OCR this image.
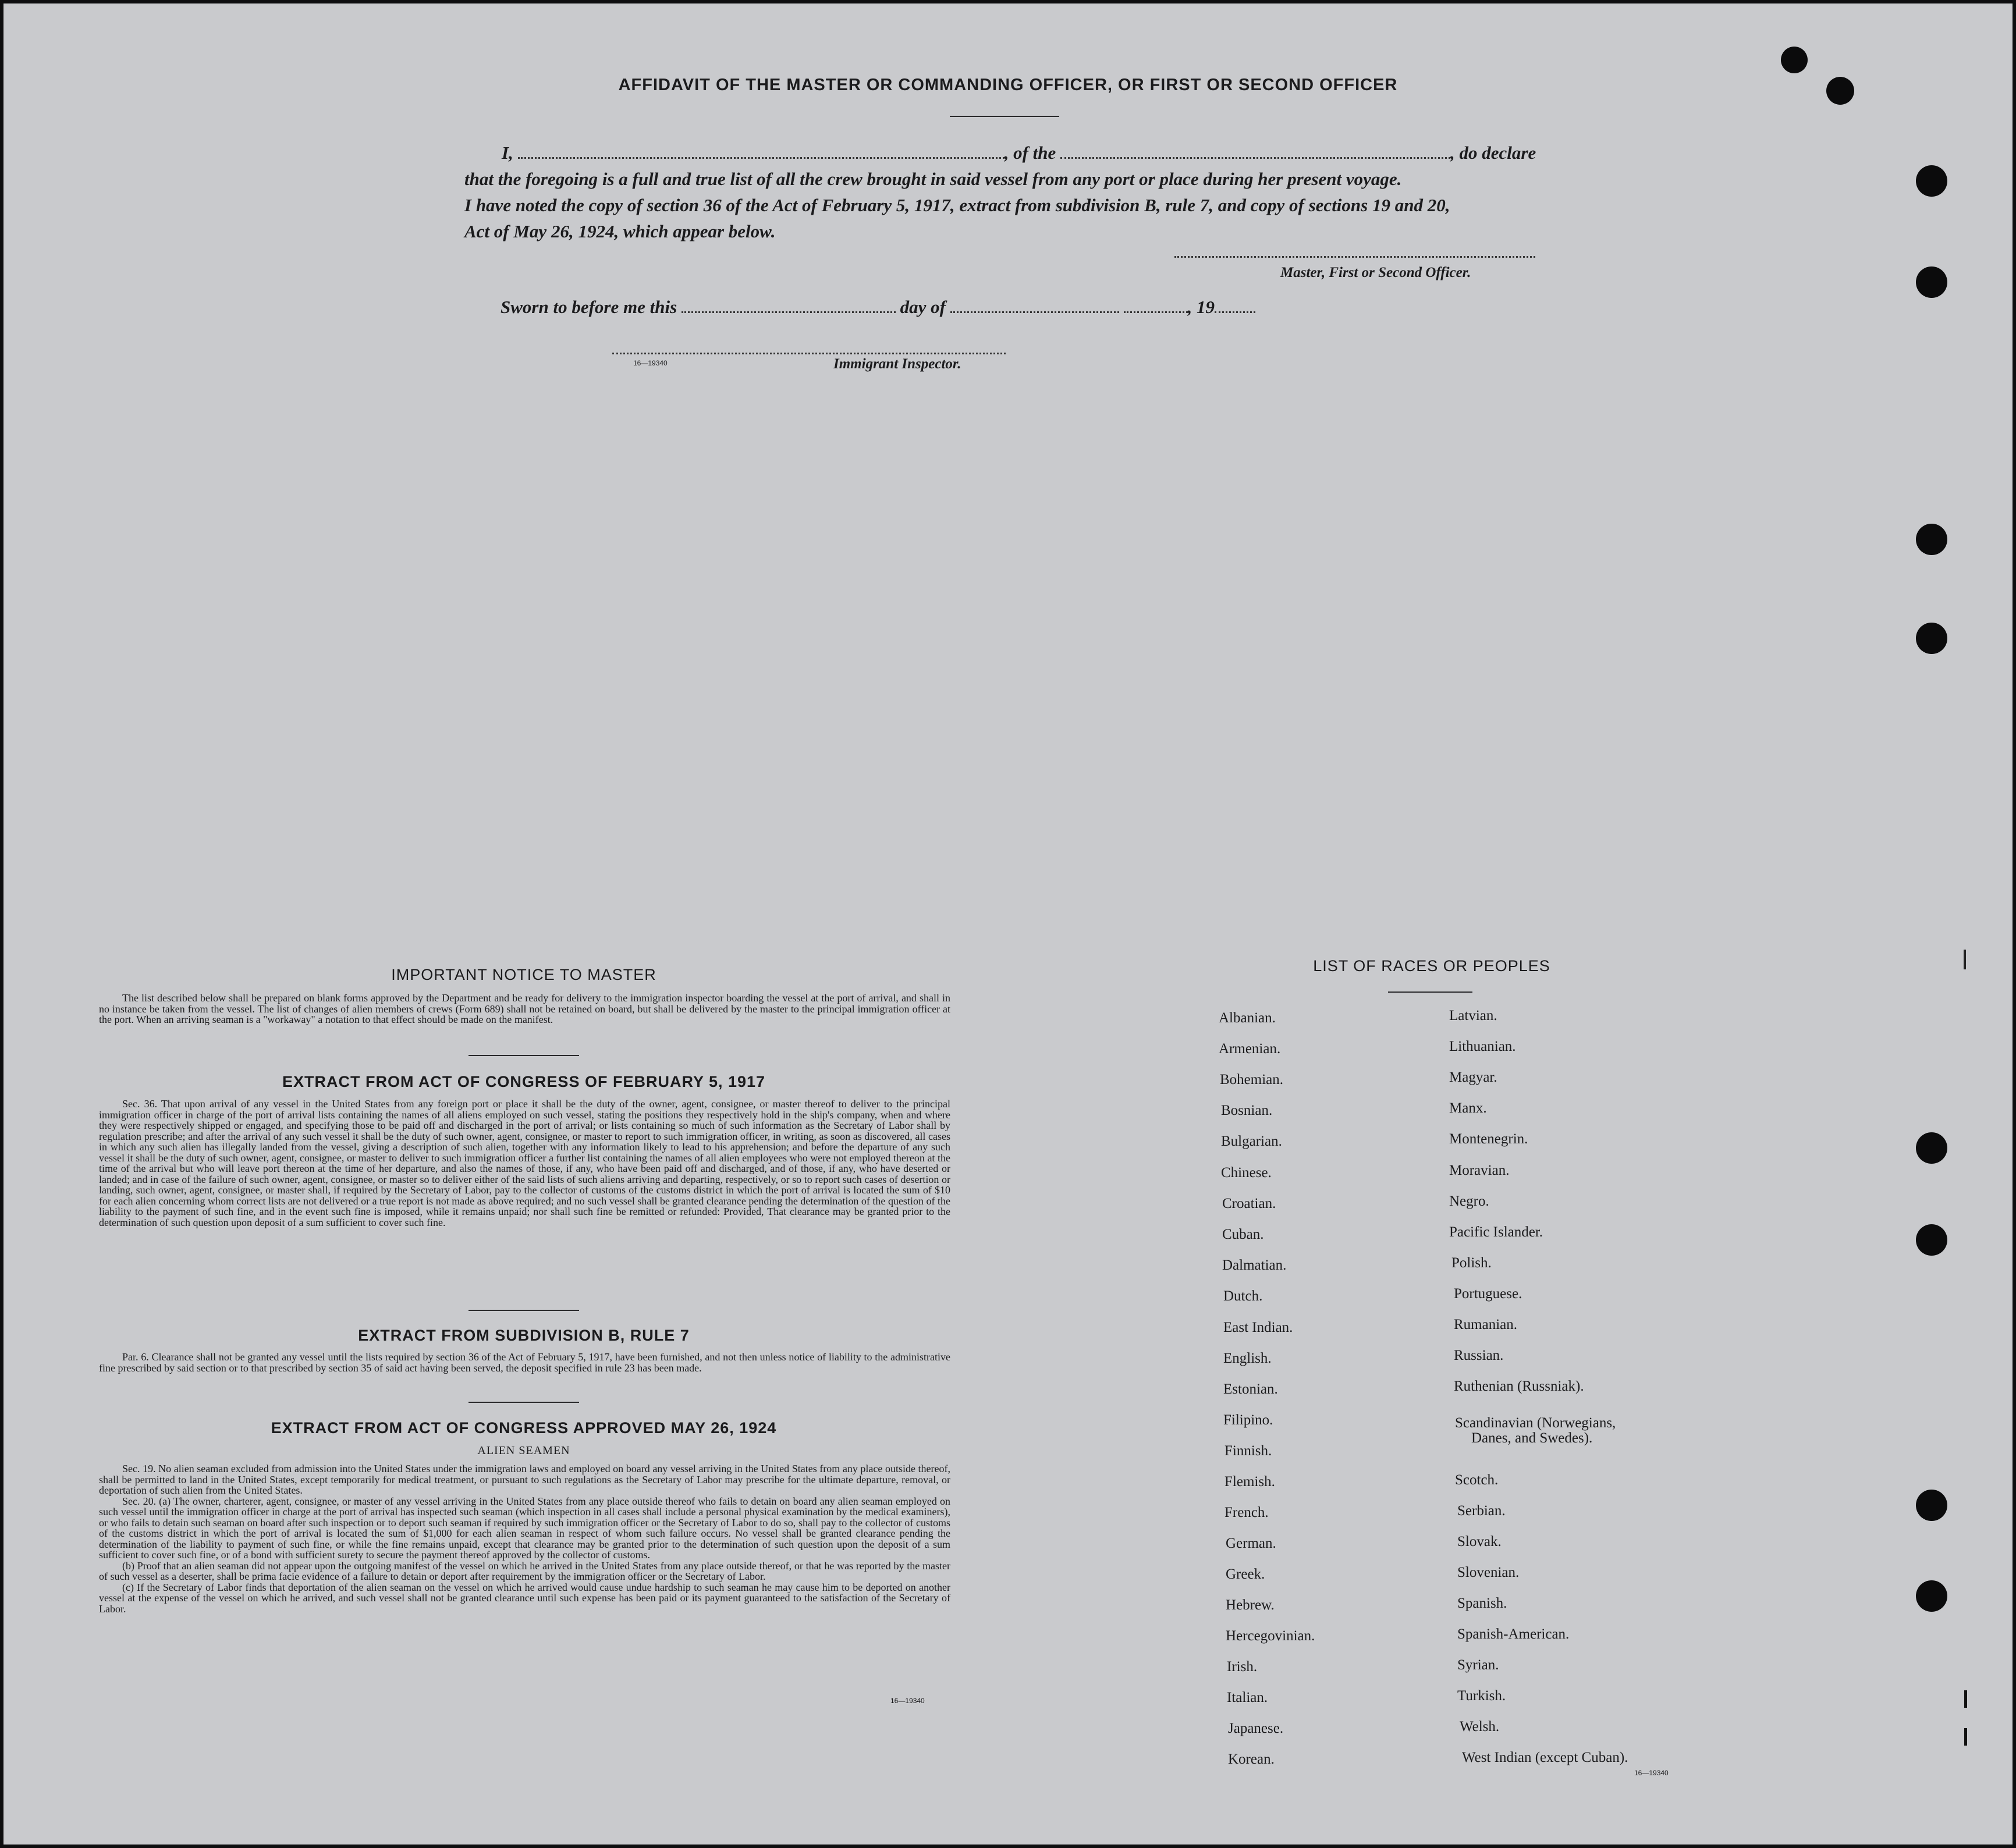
AFFIDAVIT OF THE MASTER OR COMMANDING OFFICER, OR FIRST OR SECOND OFFICER
I,	, of the	, do declare
that the foregoing is a full and true list of all the crew brought in said vessel from any port or place during her present voyage.
I have noted the copy of section 36 of the Act of February 5, 1917, extract from subdivision B, rule 7, and copy of sections 19 and 20,
Act of May 26, 1924, which appear below.
Master, First or Second Officer.
Sworn to before me this	day of	, 19
16—19340	Immigrant Inspector.
IMPORTANT NOTICE TO MASTER

The list described below shall be prepared on blank forms approved by the Department and be ready for delivery to the immigration inspector boarding the vessel at the port of arrival, and shall in no instance be taken from the vessel. The list of changes of alien members of crews (Form 689) shall not be retained on board, but shall be delivered by the master to the principal immigration officer at the port. When an arriving seaman is a "workaway" a notation to that effect should be made on the manifest.

EXTRACT FROM ACT OF CONGRESS OF FEBRUARY 5, 1917

Sec. 36. That upon arrival of any vessel in the United States from any foreign port or place it shall be the duty of the owner, agent, consignee, or master thereof to deliver to the principal immigration officer in charge of the port of arrival lists containing the names of all aliens employed on such vessel, stating the positions they respectively hold in the ship's company, when and where they were respectively shipped or engaged, and specifying those to be paid off and discharged in the port of arrival; or lists containing so much of such information as the Secretary of Labor shall by regulation prescribe; and after the arrival of any such vessel it shall be the duty of such owner, agent, consignee, or master to report to such immigration officer, in writing, as soon as discovered, all cases in which any such alien has illegally landed from the vessel, giving a description of such alien, together with any information likely to lead to his apprehension; and before the departure of any such vessel it shall be the duty of such owner, agent, consignee, or master to deliver to such immigration officer a further list containing the names of all alien employees who were not employed thereon at the time of the arrival but who will leave port thereon at the time of her departure, and also the names of those, if any, who have been paid off and discharged, and of those, if any, who have deserted or landed; and in case of the failure of such owner, agent, consignee, or master so to deliver either of the said lists of such aliens arriving and departing, respectively, or so to report such cases of desertion or landing, such owner, agent, consignee, or master shall, if required by the Secretary of Labor, pay to the collector of customs of the customs district in which the port of arrival is located the sum of $10 for each alien concerning whom correct lists are not delivered or a true report is not made as above required; and no such vessel shall be granted clearance pending the determination of the question of the liability to the payment of such fine, and in the event such fine is imposed, while it remains unpaid; nor shall such fine be remitted or refunded: Provided, That clearance may be granted prior to the determination of such question upon deposit of a sum sufficient to cover such fine.

EXTRACT FROM SUBDIVISION B, RULE 7

Par. 6. Clearance shall not be granted any vessel until the lists required by section 36 of the Act of February 5, 1917, have been furnished, and not then unless notice of liability to the administrative fine prescribed by said section or to that prescribed by section 35 of said act having been served, the deposit specified in rule 23 has been made.

EXTRACT FROM ACT OF CONGRESS APPROVED MAY 26, 1924
ALIEN SEAMEN

Sec. 19. No alien seaman excluded from admission into the United States under the immigration laws and employed on board any vessel arriving in the United States from any place outside thereof, shall be permitted to land in the United States, except temporarily for medical treatment, or pursuant to such regulations as the Secretary of Labor may prescribe for the ultimate departure, removal, or deportation of such alien from the United States.

Sec. 20. (a) The owner, charterer, agent, consignee, or master of any vessel arriving in the United States from any place outside thereof who fails to detain on board any alien seaman employed on such vessel until the immigration officer in charge at the port of arrival has inspected such seaman (which inspection in all cases shall include a personal physical examination by the medical examiners), or who fails to detain such seaman on board after such inspection or to deport such seaman if required by such immigration officer or the Secretary of Labor to do so, shall pay to the collector of customs of the customs district in which the port of arrival is located the sum of $1,000 for each alien seaman in respect of whom such failure occurs. No vessel shall be granted clearance pending the determination of the liability to payment of such fine, or while the fine remains unpaid, except that clearance may be granted prior to the determination of such question upon the deposit of a sum sufficient to cover such fine, or of a bond with sufficient surety to secure the payment thereof approved by the collector of customs.

(b) Proof that an alien seaman did not appear upon the outgoing manifest of the vessel on which he arrived in the United States from any place outside thereof, or that he was reported by the master of such vessel as a deserter, shall be prima facie evidence of a failure to detain or deport after requirement by the immigration officer or the Secretary of Labor.

(c) If the Secretary of Labor finds that deportation of the alien seaman on the vessel on which he arrived would cause undue hardship to such seaman he may cause him to be deported on another vessel at the expense of the vessel on which he arrived, and such vessel shall not be granted clearance until such expense has been paid or its payment guaranteed to the satisfaction of the Secretary of Labor.

16—19340
LIST OF RACES OR PEOPLES
Albanian.
Armenian.
Bohemian.
Bosnian.
Bulgarian.
Chinese.
Croatian.
Cuban.
Dalmatian.
Dutch.
East Indian.
English.
Estonian.
Filipino.
Finnish.
Flemish.
French.
German.
Greek.
Hebrew.
Hercegovinian.
Irish.
Italian.
Japanese.
Korean.
Latvian.
Lithuanian.
Magyar.
Manx.
Montenegrin.
Moravian.
Negro.
Pacific Islander.
Polish.
Portuguese.
Rumanian.
Russian.
Ruthenian (Russniak).
Scandinavian (Norwegians,
Danes, and Swedes).
Scotch.
Serbian.
Slovak.
Slovenian.
Spanish.
Spanish-American.
Syrian.
Turkish.
Welsh.
West Indian (except Cuban).
16—19340
